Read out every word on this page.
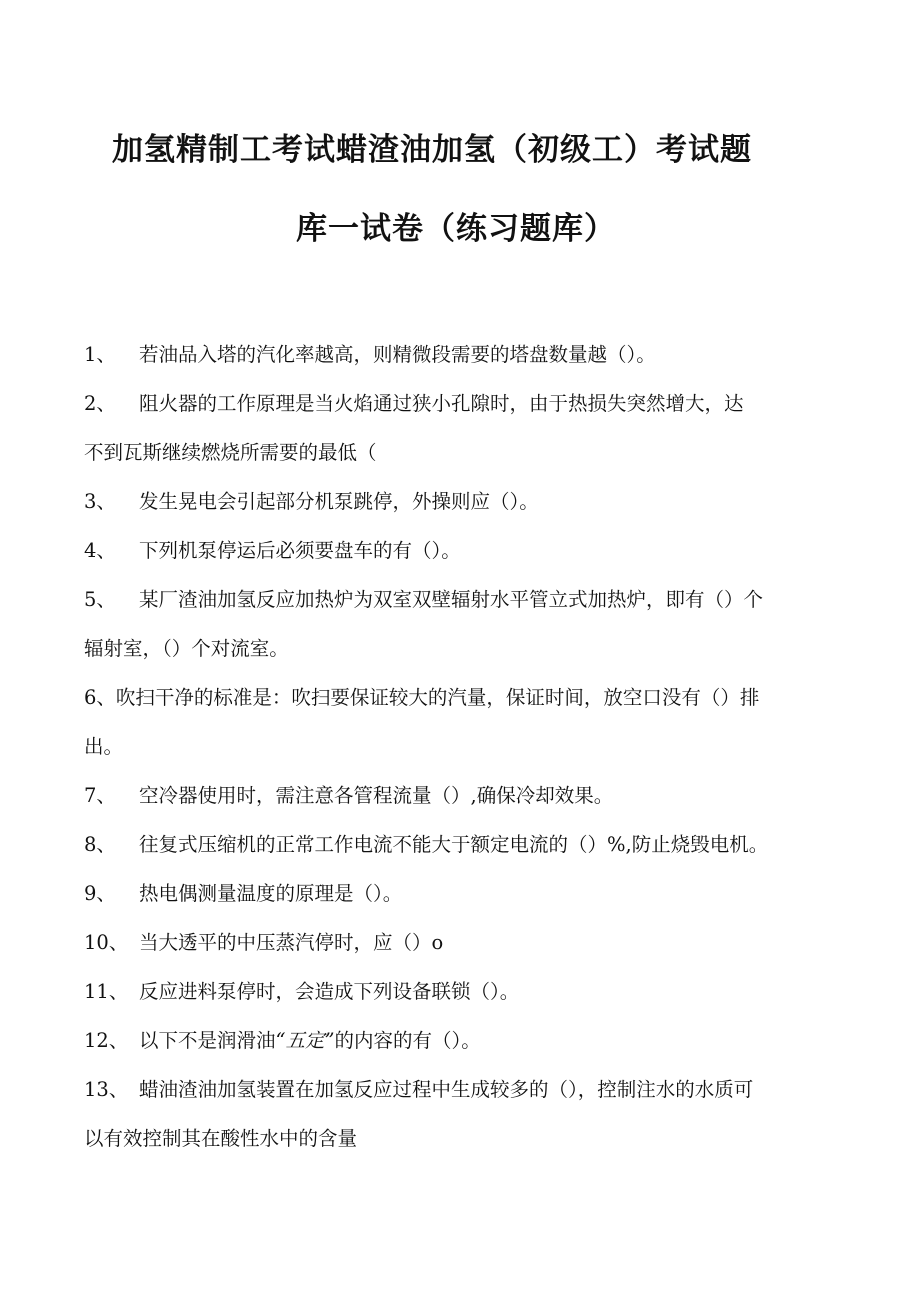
加氢精制工考试蜡渣油加氢（初级工）考试题
库一试卷（练习题库）
1、 若油品入塔的汽化率越高，则精微段需要的塔盘数量越（）。
2、 阻火器的工作原理是当火焰通过狭小孔隙时，由于热损失突然增大，达
不到瓦斯继续燃烧所需要的最低（
3、 发生晃电会引起部分机泵跳停，外操则应（）。
4、 下列机泵停运后必须要盘车的有（）。
5、 某厂渣油加氢反应加热炉为双室双壁辐射水平管立式加热炉，即有（）个
辐射室，（）个对流室。
6、吹扫干净的标准是：吹扫要保证较大的汽量，保证时间，放空口没有（）排
出。
7、 空冷器使用时，需注意各管程流量（）,确保冷却效果。
8、 往复式压缩机的正常工作电流不能大于额定电流的（）%,防止烧毁电机。
9、 热电偶测量温度的原理是（）。
10、 当大透平的中压蒸汽停时，应（）o
11、 反应进料泵停时，会造成下列设备联锁（）。
12、 以下不是润滑油“五定”的内容的有（）。
13、 蜡油渣油加氢装置在加氢反应过程中生成较多的（），控制注水的水质可
以有效控制其在酸性水中的含量
